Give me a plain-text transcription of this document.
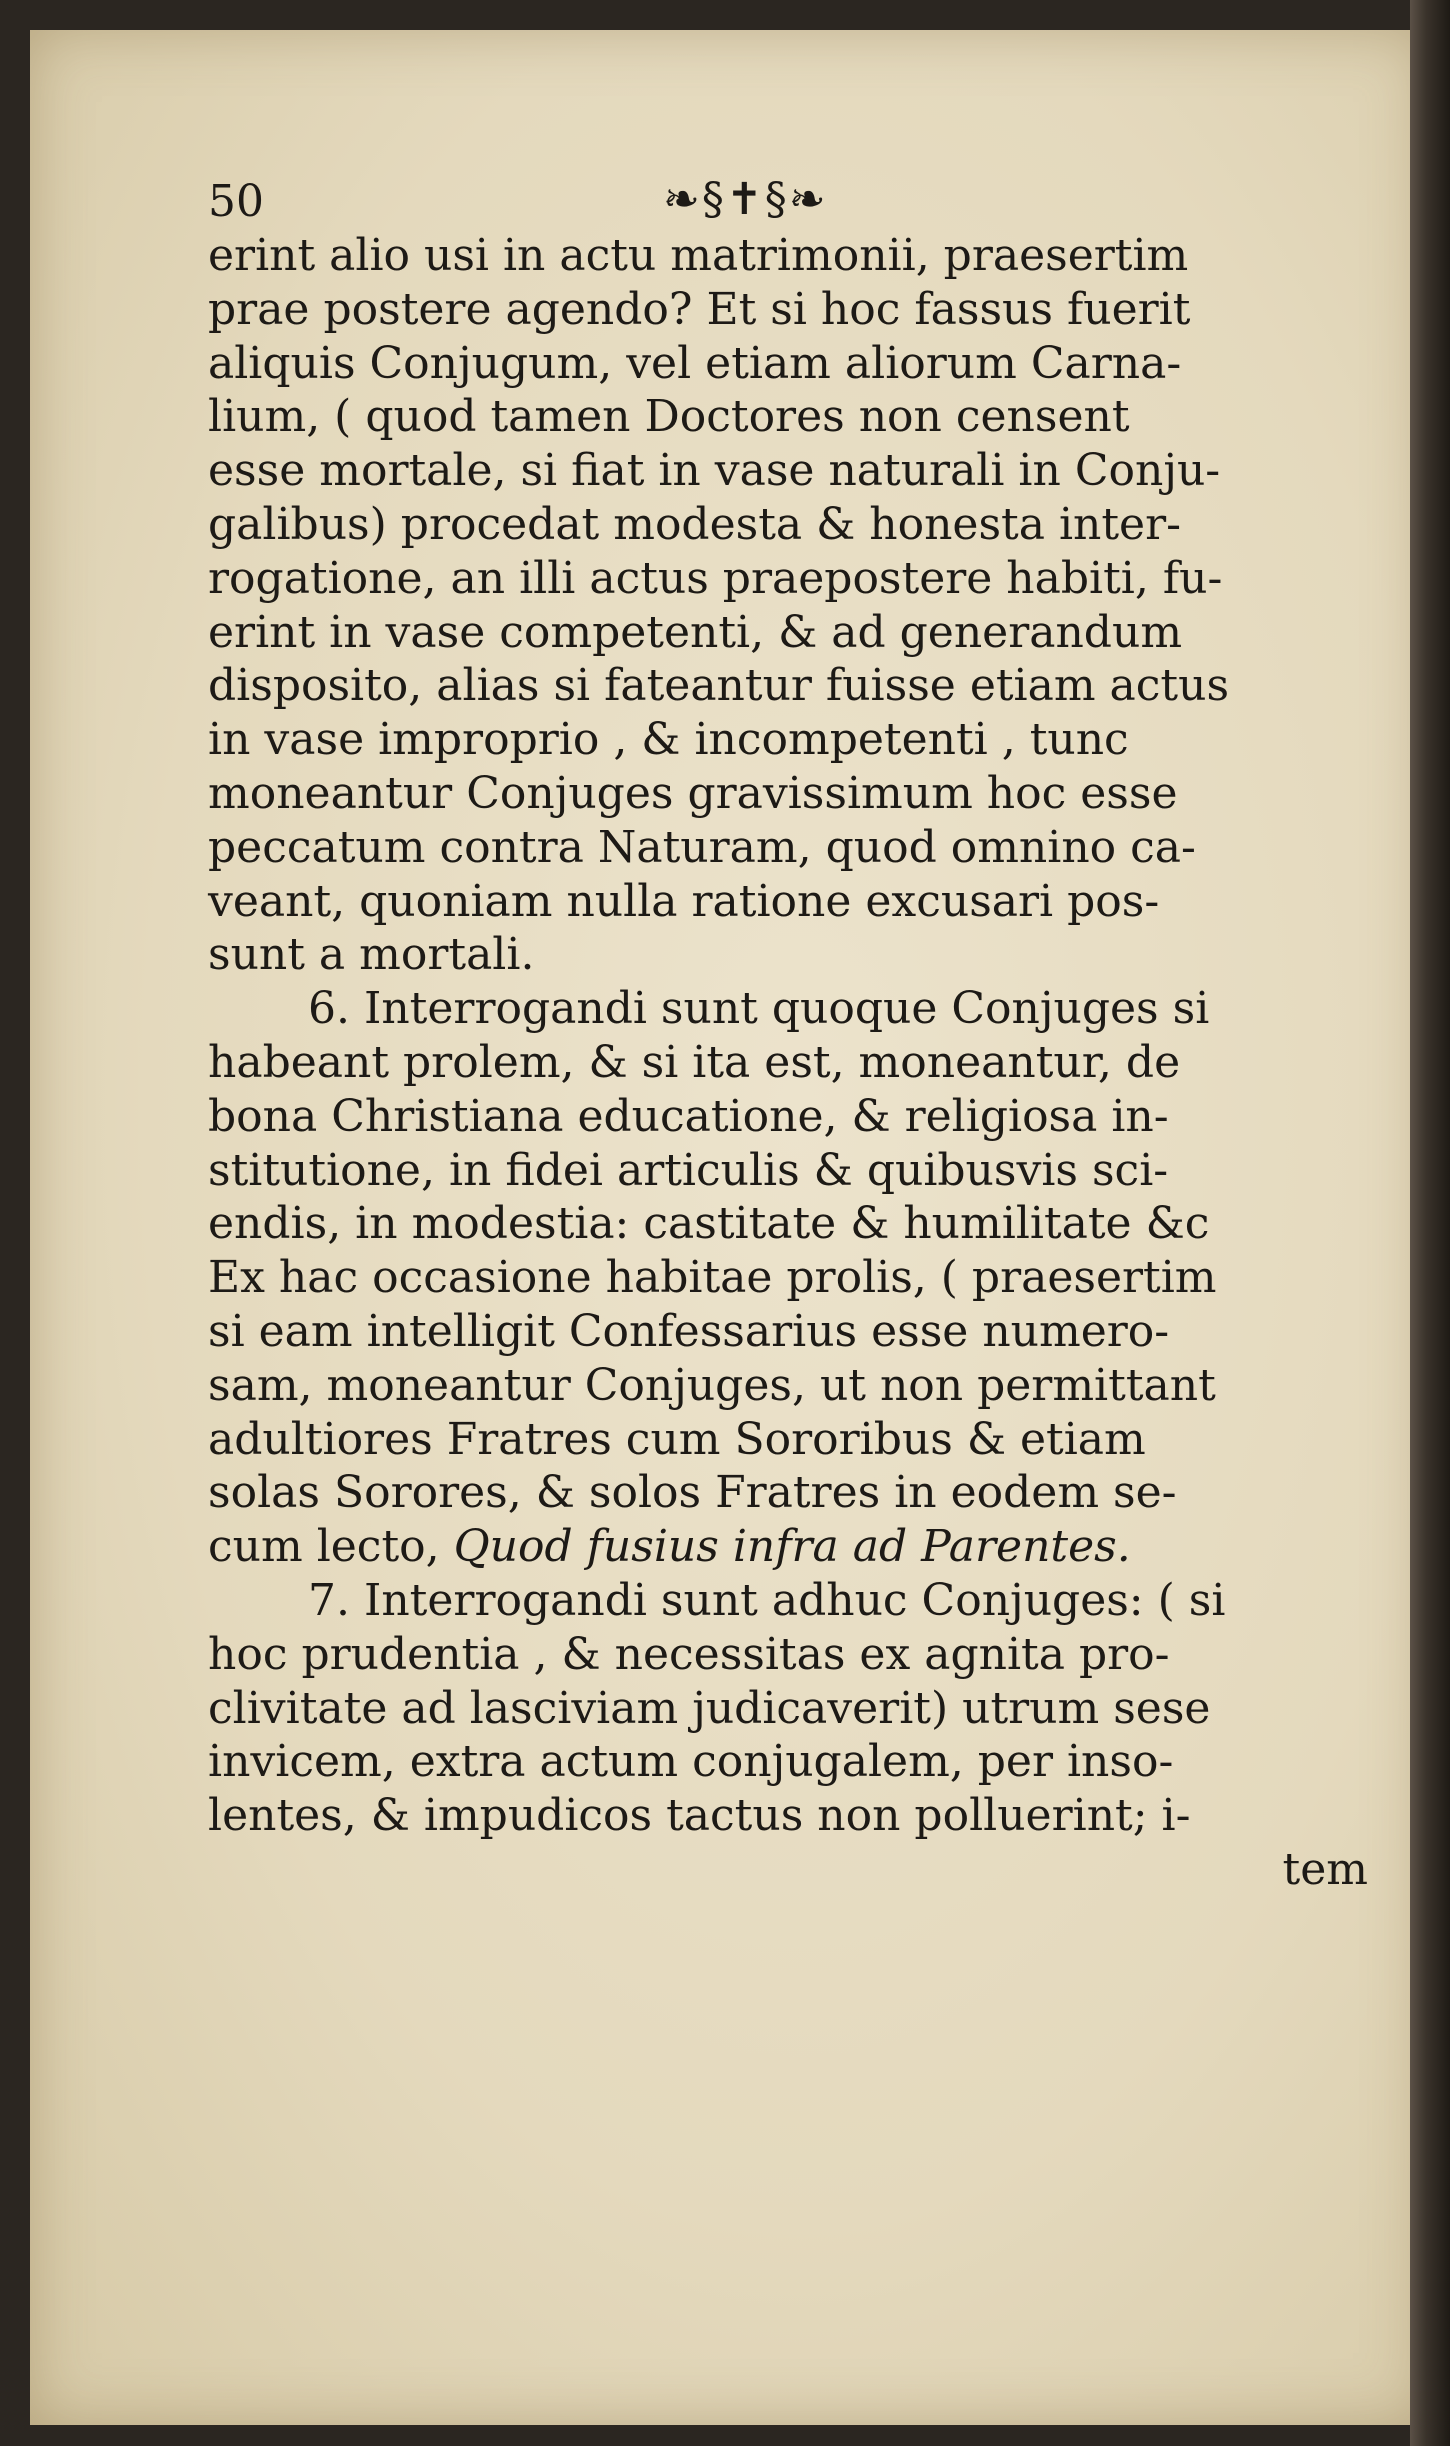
50	❧§✝§❧
erint alio usi in actu matrimonii, praesertim
prae postere agendo? Et si hoc fassus fuerit
aliquis Conjugum, vel etiam aliorum Carna-
lium, ( quod tamen Doctores non censent
esse mortale, si fiat in vase naturali in Conju-
galibus) procedat modesta & honesta inter-
rogatione, an illi actus praepostere habiti, fu-
erint in vase competenti, & ad generandum
disposito, alias si fateantur fuisse etiam actus
in vase improprio , & incompetenti , tunc
moneantur Conjuges gravissimum hoc esse
peccatum contra Naturam, quod omnino ca-
veant, quoniam nulla ratione excusari pos-
sunt a mortali.
6. Interrogandi sunt quoque Conjuges si
habeant prolem, & si ita est, moneantur, de
bona Christiana educatione, & religiosa in-
stitutione, in fidei articulis & quibusvis sci-
endis, in modestia: castitate & humilitate &c
Ex hac occasione habitae prolis, ( praesertim
si eam intelligit Confessarius esse numero-
sam, moneantur Conjuges, ut non permittant
adultiores Fratres cum Sororibus & etiam
solas Sorores, & solos Fratres in eodem se-
cum lecto, Quod fusius infra ad Parentes.
7. Interrogandi sunt adhuc Conjuges: ( si
hoc prudentia , & necessitas ex agnita pro-
clivitate ad lasciviam judicaverit) utrum sese
invicem, extra actum conjugalem, per inso-
lentes, & impudicos tactus non polluerint; i-
tem
